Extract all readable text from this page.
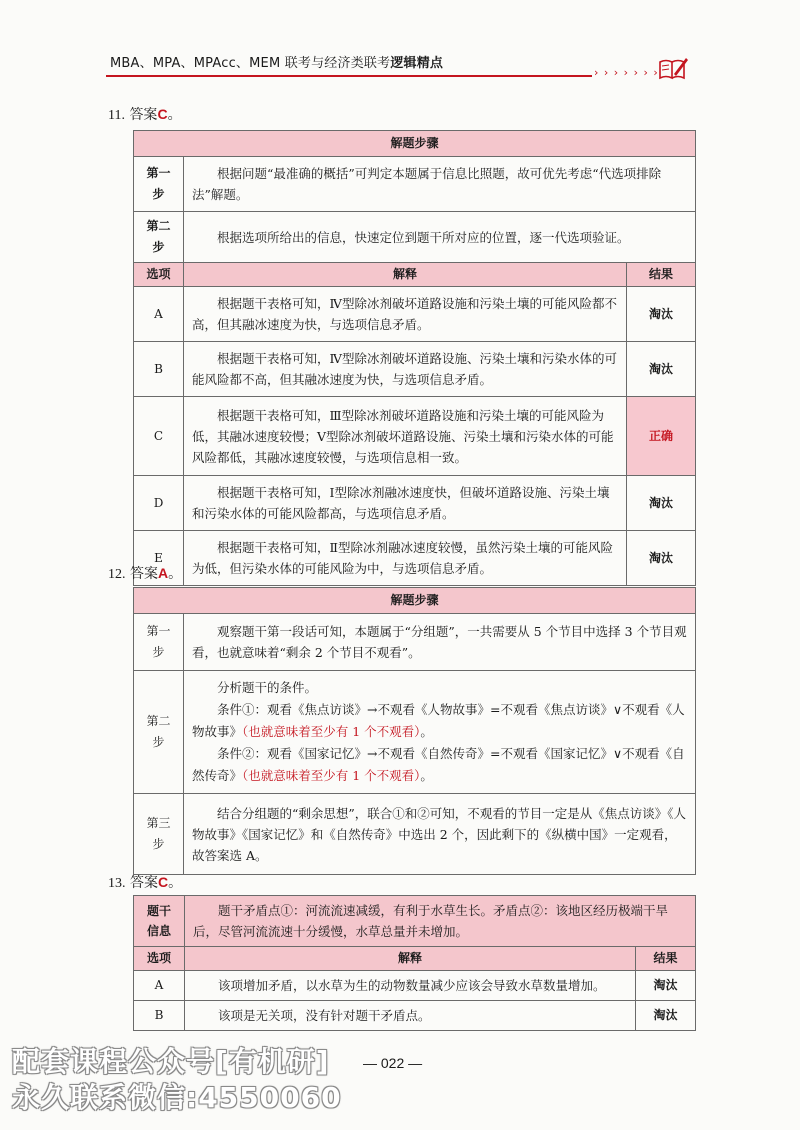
MBA、MPA、MPAcc、MEM 联考与经济类联考逻辑精点
› › › › › › ›
11. 答案C。
解题步骤		
第一步	根据问题“最准确的概括”可判定本题属于信息比照题，故可优先考虑“代选项排除法”解题。	
第二步	根据选项所给出的信息，快速定位到题干所对应的位置，逐一代选项验证。	
选项	解释	结果
A	根据题干表格可知，Ⅳ型除冰剂破坏道路设施和污染土壤的可能风险都不高，但其融冰速度为快，与选项信息矛盾。	淘汰
B	根据题干表格可知，Ⅳ型除冰剂破坏道路设施、污染土壤和污染水体的可能风险都不高，但其融冰速度为快，与选项信息矛盾。	淘汰
C	根据题干表格可知，Ⅲ型除冰剂破坏道路设施和污染土壤的可能风险为低，其融冰速度较慢；Ⅴ型除冰剂破坏道路设施、污染土壤和污染水体的可能风险都低，其融冰速度较慢，与选项信息相一致。	正确
D	根据题干表格可知，Ⅰ型除冰剂融冰速度快，但破坏道路设施、污染土壤和污染水体的可能风险都高，与选项信息矛盾。	淘汰
E	根据题干表格可知，Ⅱ型除冰剂融冰速度较慢，虽然污染土壤的可能风险为低，但污染水体的可能风险为中，与选项信息矛盾。	淘汰
12. 答案A。
解题步骤	
第一步	观察题干第一段话可知，本题属于“分组题”，一共需要从 5 个节目中选择 3 个节目观看，也就意味着“剩余 2 个节目不观看”。
第二步	分析题干的条件。

条件①：观看《焦点访谈》→不观看《人物故事》=不观看《焦点访谈》∨不观看《人物故事》（也就意味着至少有 1 个不观看）。

条件②：观看《国家记忆》→不观看《自然传奇》=不观看《国家记忆》∨不观看《自然传奇》（也就意味着至少有 1 个不观看）。

第三步	结合分组题的“剩余思想”，联合①和②可知，不观看的节目一定是从《焦点访谈》《人物故事》《国家记忆》和《自然传奇》中选出 2 个，因此剩下的《纵横中国》一定观看，故答案选 A。
13. 答案C。
题干信息	题干矛盾点①：河流流速减缓，有利于水草生长。矛盾点②：该地区经历极端干旱后，尽管河流流速十分缓慢，水草总量并未增加。	
选项	解释	结果
A	该项增加矛盾，以水草为生的动物数量减少应该会导致水草数量增加。	淘汰
B	该项是无关项，没有针对题干矛盾点。	淘汰
— 022 —
配套课程公众号[有机研]
永久联系微信:4550060
